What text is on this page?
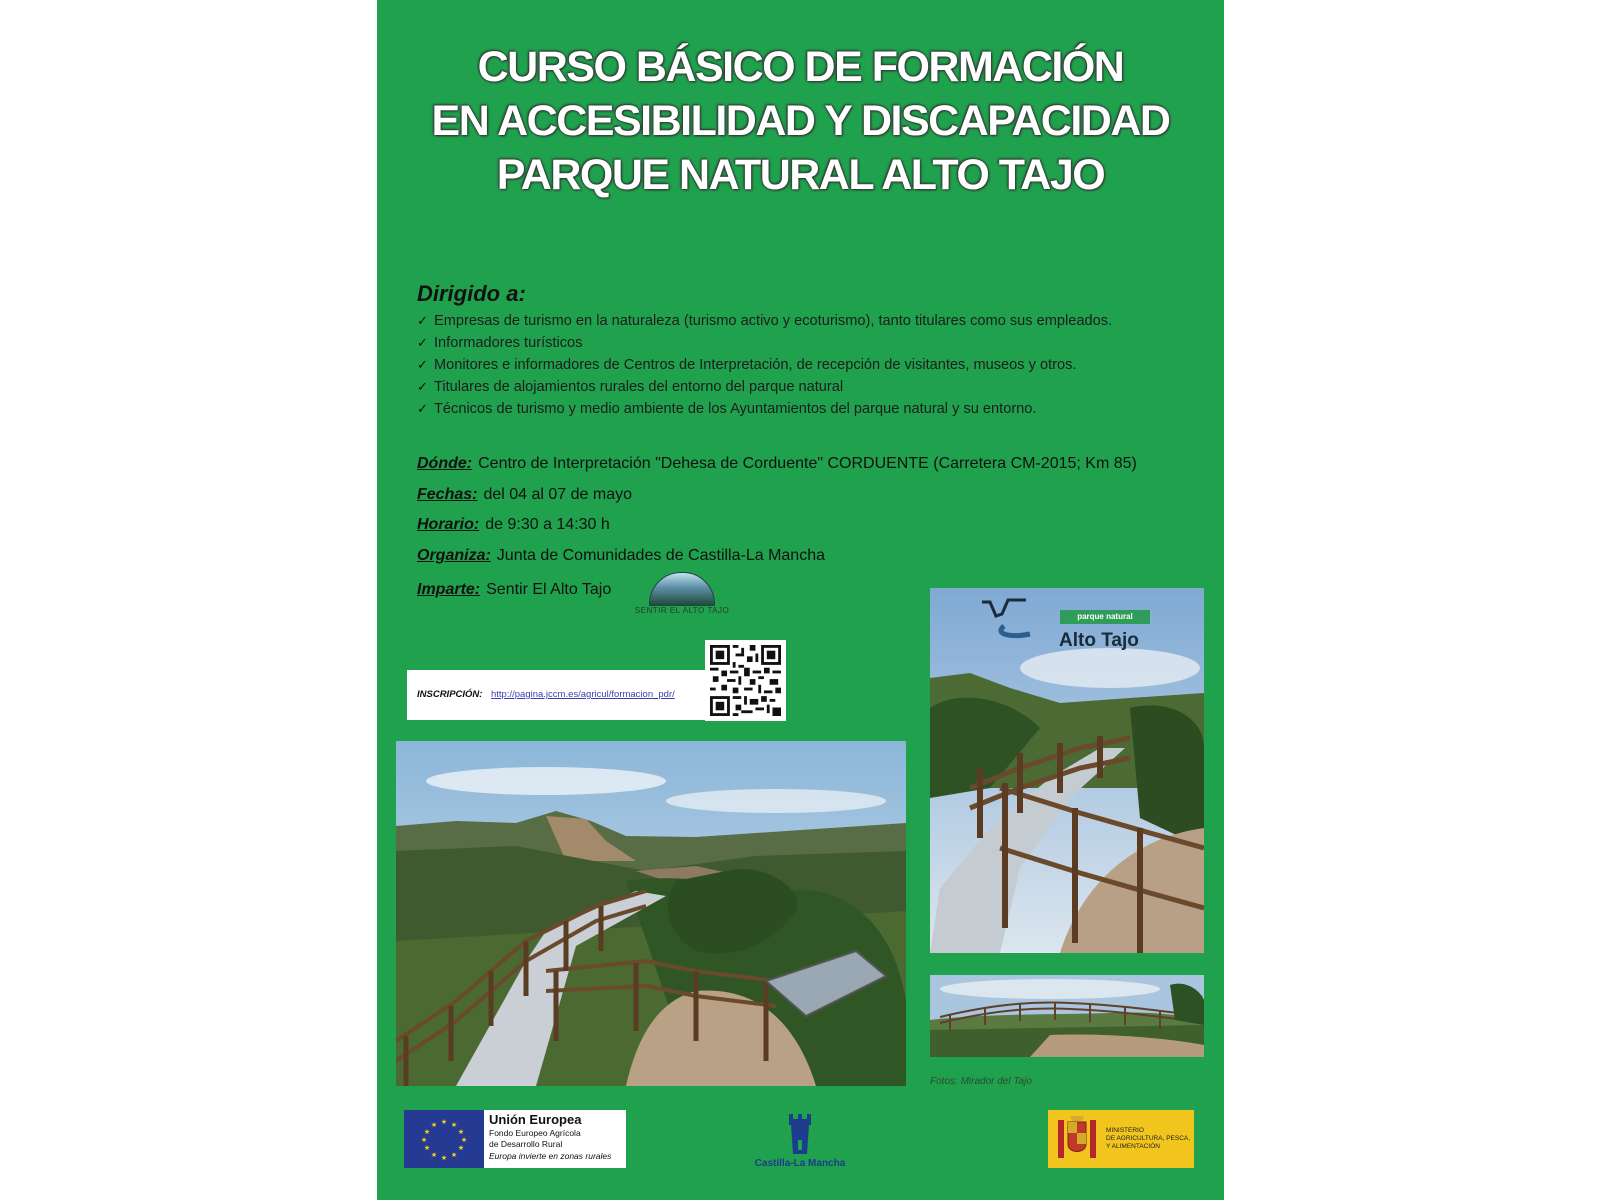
CURSO BÁSICO DE FORMACIÓN
EN ACCESIBILIDAD Y DISCAPACIDAD
PARQUE NATURAL ALTO TAJO
Dirigido a:
✓ Empresas de turismo en la naturaleza (turismo activo y ecoturismo), tanto titulares como sus empleados.
✓ Informadores turísticos
✓ Monitores e informadores de Centros de Interpretación, de recepción de visitantes, museos y otros.
✓ Titulares de alojamientos rurales del entorno del parque natural
✓ Técnicos de turismo y medio ambiente de los Ayuntamientos del parque natural y su entorno.
Dónde: Centro de Interpretación "Dehesa de Corduente" CORDUENTE (Carretera CM-2015; Km 85)
Fechas: del 04 al 07 de mayo
Horario: de 9:30 a 14:30 h
Organiza: Junta de Comunidades de Castilla-La Mancha
Imparte: Sentir El Alto Tajo
SENTIR EL ALTO TAJO
INSCRIPCIÓN: http://pagina.jccm.es/agricul/formacion_pdr/
parque natural
Alto Tajo
Fotos: Mirador del Tajo
★ ★
★
★
★
★
★
★
★
★
★
★	Unión Europea
Fondo Europeo Agrícola
de Desarrollo Rural
Europa invierte en zonas rurales
Castilla-La Mancha
MINISTERIO
DE AGRICULTURA, PESCA,
Y ALIMENTACIÓN
